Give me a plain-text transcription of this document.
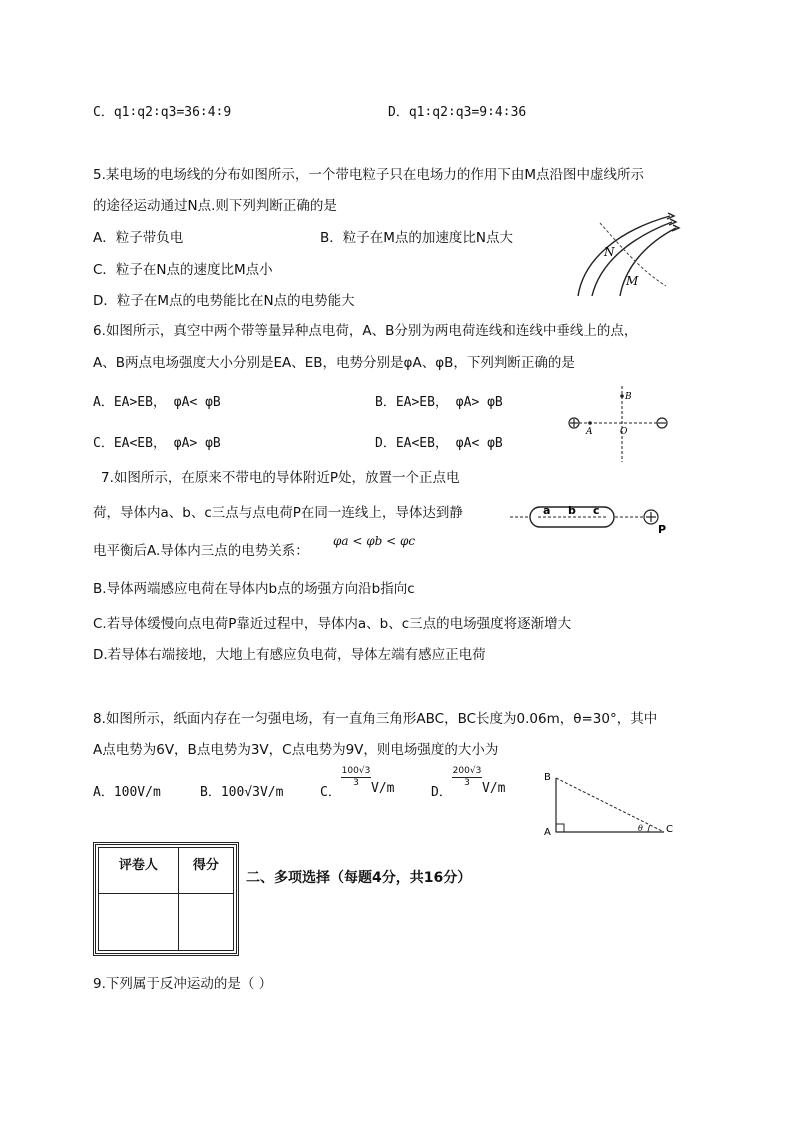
C．q1∶q2∶q3=36∶4∶9	D．q1∶q2∶q3=9∶4∶36
5.某电场的电场线的分布如图所示，一个带电粒子只在电场力的作用下由M点沿图中虚线所示
的途径运动通过N点.则下列判断正确的是
A．粒子带负电	B．粒子在M点的加速度比N点大
C．粒子在N点的速度比M点小
D．粒子在M点的电势能比在N点的电势能大
N
M
6.如图所示，真空中两个带等量异种点电荷，A、B分别为两电荷连线和连线中垂线上的点，
A、B两点电场强度大小分别是EA、EB，电势分别是φA、φB，下列判断正确的是
A．EA>EB， φA< φB	B．EA>EB， φA> φB
C．EA<EB， φA> φB	D．EA<EB， φA< φB
B
A	O
7.如图所示，在原来不带电的导体附近P处，放置一个正点电
荷，导体内a、b、c三点与点电荷P在同一连线上，导体达到静
电平衡后A.导体内三点的电势关系：
φa < φb < φc
B.导体两端感应电荷在导体内b点的场强方向沿b指向c
C.若导体缓慢向点电荷P靠近过程中，导体内a、b、c三点的电场强度将逐渐增大
D.若导体右端接地，大地上有感应负电荷，导体左端有感应正电荷
a b c
P
8.如图所示，纸面内存在一匀强电场，有一直角三角形ABC，BC长度为0.06m，θ=30°，其中
A点电势为6V，B点电势为3V，C点电势为9V，则电场强度的大小为
A．100V/m	B．100√3V/m	C．
$\frac{100√3}{3} V/m$	D．
$\frac{200√3}{3} V/m$
B
A	C
θ
评卷人	得分

二、多项选择（每题4分，共16分）
9.下列属于反冲运动的是（ ）
